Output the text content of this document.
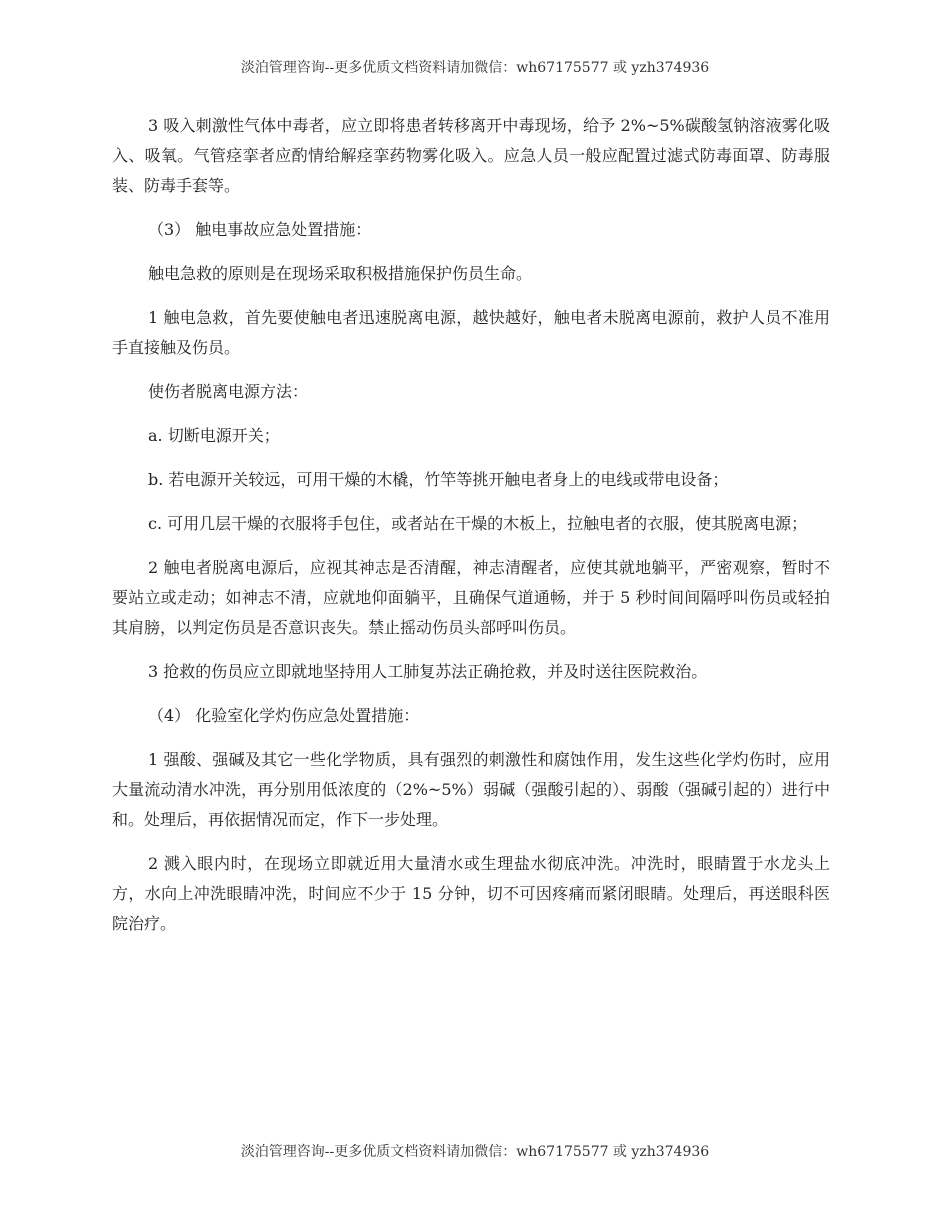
淡泊管理咨询--更多优质文档资料请加微信：wh67175577 或 yzh374936

3 吸入刺激性气体中毒者，应立即将患者转移离开中毒现场，给予 2%~5%碳酸氢钠溶液雾化吸入、吸氧。气管痉挛者应酌情给解痉挛药物雾化吸入。应急人员一般应配置过滤式防毒面罩、防毒服装、防毒手套等。

（3） 触电事故应急处置措施：

触电急救的原则是在现场采取积极措施保护伤员生命。

1 触电急救，首先要使触电者迅速脱离电源，越快越好，触电者未脱离电源前，救护人员不准用手直接触及伤员。

使伤者脱离电源方法：

a. 切断电源开关；

b. 若电源开关较远，可用干燥的木橇，竹竿等挑开触电者身上的电线或带电设备；

c. 可用几层干燥的衣服将手包住，或者站在干燥的木板上，拉触电者的衣服，使其脱离电源；

2 触电者脱离电源后，应视其神志是否清醒，神志清醒者，应使其就地躺平，严密观察，暂时不要站立或走动；如神志不清，应就地仰面躺平，且确保气道通畅，并于 5 秒时间间隔呼叫伤员或轻拍其肩膀，以判定伤员是否意识丧失。禁止摇动伤员头部呼叫伤员。

3 抢救的伤员应立即就地坚持用人工肺复苏法正确抢救，并及时送往医院救治。

（4） 化验室化学灼伤应急处置措施：

1 强酸、强碱及其它一些化学物质，具有强烈的刺激性和腐蚀作用，发生这些化学灼伤时，应用大量流动清水冲洗，再分别用低浓度的（2%~5%）弱碱（强酸引起的）、弱酸（强碱引起的）进行中和。处理后，再依据情况而定，作下一步处理。

2 溅入眼内时，在现场立即就近用大量清水或生理盐水彻底冲洗。冲洗时，眼睛置于水龙头上方，水向上冲洗眼睛冲洗，时间应不少于 15 分钟，切不可因疼痛而紧闭眼睛。处理后，再送眼科医院治疗。

淡泊管理咨询--更多优质文档资料请加微信：wh67175577 或 yzh374936
